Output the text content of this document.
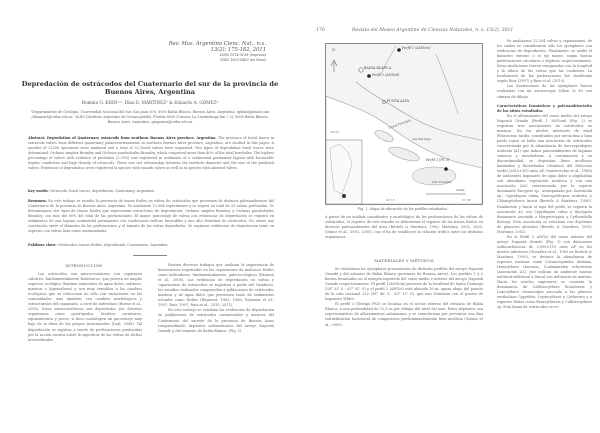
Rev. Mus. Argentino Cienc. Nat., n.s.
13(2): 175-182, 2011
ISSN 1514-5158 (impresa)
ISSN 1853-0400 (en línea)
Depredación de ostrácodos del Cuaternario del sur de la provincia de Buenos Aires, Argentina
Romina G. KIHN¹·², Dina E. MARTINEZ¹ & Eduardo A. GÓMEZ²
¹Departamento de Geología, Universidad Nacional del Sur, San Juan 670, 8000 Bahía Blanca, Buenos Aires, Argentina. rgkihn@gmail.com /dinamart@criba.edu.ar. ²IADO (Instituto Argentino de Oceanografía), Florida 8000 (Camino La Carrindanga km 7,5), 8000 Bahía Blanca, Buenos Aires, Argentina. gmgomez@criba.edu.ar
Abstract: Depredation of Quaternary ostracods from southern Buenos Aires province, Argentina. The presence of fossil traces in ostracods valves from different quaternary palaeoenvironments in southern Buenos Aires province, Argentina, are studied in this paper. A number of 12506 specimens were analyzed and a total of 33 bored valves were separated. Two types of depredation fossil traces were determined: Oichnus simplex Bromley and Oichnus paraboloides Bromley, which comprised more than 80% of the total boreholes. The highest percentage of valves with evidence of predation (3.35%) was registered in sediments of a continental permanent lagoon with favourable trophic conditions and high density of ostracods. There was not relationship between the borehole diameter and the size of the predated valves. Evidences of depredation were registered in species with smooth valves as well as in species with adorned valves.
Key words: Ostracods, fossil traces, depredation, Quaternary, Argentina.
Resumen: En este trabajo se estudia la presencia de trazas fósiles en valvas de ostrácodos que provienen de distintos paleoambientes del Cuaternario de la provincia de Buenos Aires, Argentina. Se analizaron 12.584 especímenes y se separó un total de 33 valvas perforadas. Se determinaron dos tipos de trazas fósiles que representan estructuras de depredación: Oichnus simplex Bromley y Oichnus paraboloides Bromley, con más del 80% del total de las perforaciones. El mayor porcentaje de valvas con evidencias de depredación se registró en sedimentos de una laguna continental permanente con condiciones tróficas favorables y una alta densidad de ostrácodos. No existe una correlación entre el diámetro de las perforaciones y el tamaño de las valvas depredadas. Se registran evidencias de depredación tanto en especies con valvas lisas como ornamentadas.
Palabras clave: Ostrácodos, trazas fósiles, depredación, Cuaternario, Argentina.
INTRODUCCIÓN

Los ostrácodos son microcrustáceos con caparazón calcáreo, fundamentalmente bentónicos, que poseen un amplio espectro ecológico (habitan ambientes de agua dulce, salobres, marinos o hipersalinos) y son muy sensibles a los cambios ecológicos que se relacionan no sólo con variaciones en las comunidades, sino también, con cambios morfológicos y estructurales del caparazón, a nivel de individuos (Horne et al., 2002). Estos microcrustáceos son depredados por diversos organismos como gastrópodos, bivalvos carnívoros, equinodermos y peces, si bien constituyen un porcentaje muy bajo de la dieta de los grupos mencionados (Leal, 2008). Tal depredación se registra a través de perforaciones producidas por la acción erosiva sobre la superficie de las valvas de dichos invertebrados.

Existen diversos trabajos que analizan la importancia de bioerosiones registradas en los caparazones de moluscos fósiles como indicadores, fundamentalmente, paleoecológicos (Farinati et al., 2006). Las evidencias de depredación en valvas y caparazones de ostrácodos se registran a partir del Cámbrico, los estudios realizados comprenden a poblaciones de ostrácodos marinos y de agua dulce que provienen tanto de sedimentos actuales como fósiles (Reyment, 1963, 1966; Reyment et al., 1987; Ruiz, 1997; Ruiz et al., 2010; 2011).

En este trabajo se estudian las evidencias de depredación en poblaciones de ostrácodos continentales y marinos del Cuaternario del sureste de la provincia de Buenos Aires comprendiendo depósitos sedimentarios del arroyo Napostá Grande y del estuario de Bahía Blanca. (Fig. 1).

176	Revista del Museo Argentino de Ciencias Naturales, n. s. 13(2), 2011
N	Perfil 1 (ANGcm)
BAHIA BLANCA
Perfil 2 (ANGcil)
PUNTA ALTA
Canal Principal
Isla Bermejo
Perfil 3 (PS 3)
Isla Trinidad
20km
38°45'
62°15'	61°45'
Fig. 1. Mapa de ubicación de los perfiles estudiados.

A partir de un análisis cuantitativo y morfológico de las perforaciones de las valvas de ostrácodos, el objetivo de este estudio es determinar el registro de las trazas fósiles en diversos paleoambientes del área (Bertels & Martínez, 1990; Martínez, 2002, 2005; Gómez et al., 1992, 2005), con el fin de establecer la relación trófica entre los distintos organismos.

MATERIALES Y MÉTODOS

Se estudiaron los ejemplares provenientes de distintos perfiles del arroyo Napostá Grande y del estuario de Bahía Blanca (provincia de Buenos Aires). Los perfiles 1 y 2 fueron levantados en el margen izquierdo del curso medio e inferior del arroyo Napostá Grande respectivamente. El perfil 1(ANGcm) proviene de la localidad de Santo Domingo (38° 32' S - 62° 02' O) y el perfil 2 (ANGci) está ubicado 10 m. aguas abajo del puente de la ruta nacional 252 (38° 46' S - 62° 15' O), que une Grünbein con el puerto de Ingeniero White.

El perfil 3 (Testigo PS3) se localiza en el sector externo del estuario de Bahía Blanca, a una profundidad de 12,9 m por debajo del nivel del mar. Estos depósitos son representativos de afloramientos submarinos y se caracterizan por presentar una fina estratificación horizontal de composición predominantemente limo-arcillosa (Gómez et al., 2005).

Se analizaron 12.504 valvas y caparazones, de los cuales se consideraron sólo los ejemplares con evidencias de depredación. Finalmente, se midió el diámetro externo o el eje mayor, según fueran perforaciones circulares o elípticas respectivamente. Estas mediciones fueron comparadas con la longitud y la altura de las valvas que las contienen. La localización de las perforaciones fue clasificada según Ruiz (1997) y Ruiz et al. (2010).

Las ilustraciones de los ejemplares fueron realizadas con un microscopio Nikon Si 80 con cámara de dibujo.

Características faunísticas y paleoambientales de los sitios estudiados

En el afloramiento del curso medio del arroyo Napostá Grande (Perfil 1 ANGcm) (Fig. 2) se registran tres asociaciones de ostrácodos no marinos. En los niveles inferiores de edad Pleistoceno tardío, constituidos por arena fina a limo pardo rojizo se halla una asociación de ostrácodos caracterizada por la abundancia de Sarscypridopsis aculeata (A1) que indica paleoambientes de lagunas someras y mesohalinas. A continuación y en discontinuidad, se depositan limos arcillosos laminados y bioturbados (ritmitas) del Holoceno tardío (2610±100 años AP, Quattrocchio et al., 1988) de ambientes lagunares de agua dulce a oligohalina con abundante vegetación acuática y con una asociación (A2) caracterizada por la especie dominante Eucypris sp., acompañada por Darwinula sp., Cypridopsis vidua, Sarscypridopsis aculeata, y Chlamydotheca incisa (Bertels & Martínez, 1990). Finalmente y hacia el tope del perfil, se registra la asociación A3 con Cypridopsis vidua y Ilyocypris dominante asociada a Herpetocypris y Cytheridella ilosvayi. Esta asociación se relaciona con depósitos de planicies aluviales (Bertels & Martínez, 1990; Martínez, 2002).

En el Perfil 2 ANGci del curso inferior del arroyo Napostá Grande (Fig. 3) con dataciones radiocarbónicas de 5.990±115 años AP en los niveles inferiores (González et al., 1983 en Bertels & Martínez, 1990), se destaca la abundancia de especies marinas como Cornucoquimba lutziana, Henicythere chuensis, Cushmanidea echeverrae (Asociación A1), que indican un ambiente marino eulitoral-sublitoral a litoral con influencia de mareas. Hacia los niveles superiores se constata la dominancia de Callistocythere litoralensis y Loxocythere variasculpta asociada a los géneros eurihalinos Cyprideis, Leptocythere y Cytherura y a especies fitales como Paracytherois y Callistocythere sp. Esta fauna de ostrácodos se re-
